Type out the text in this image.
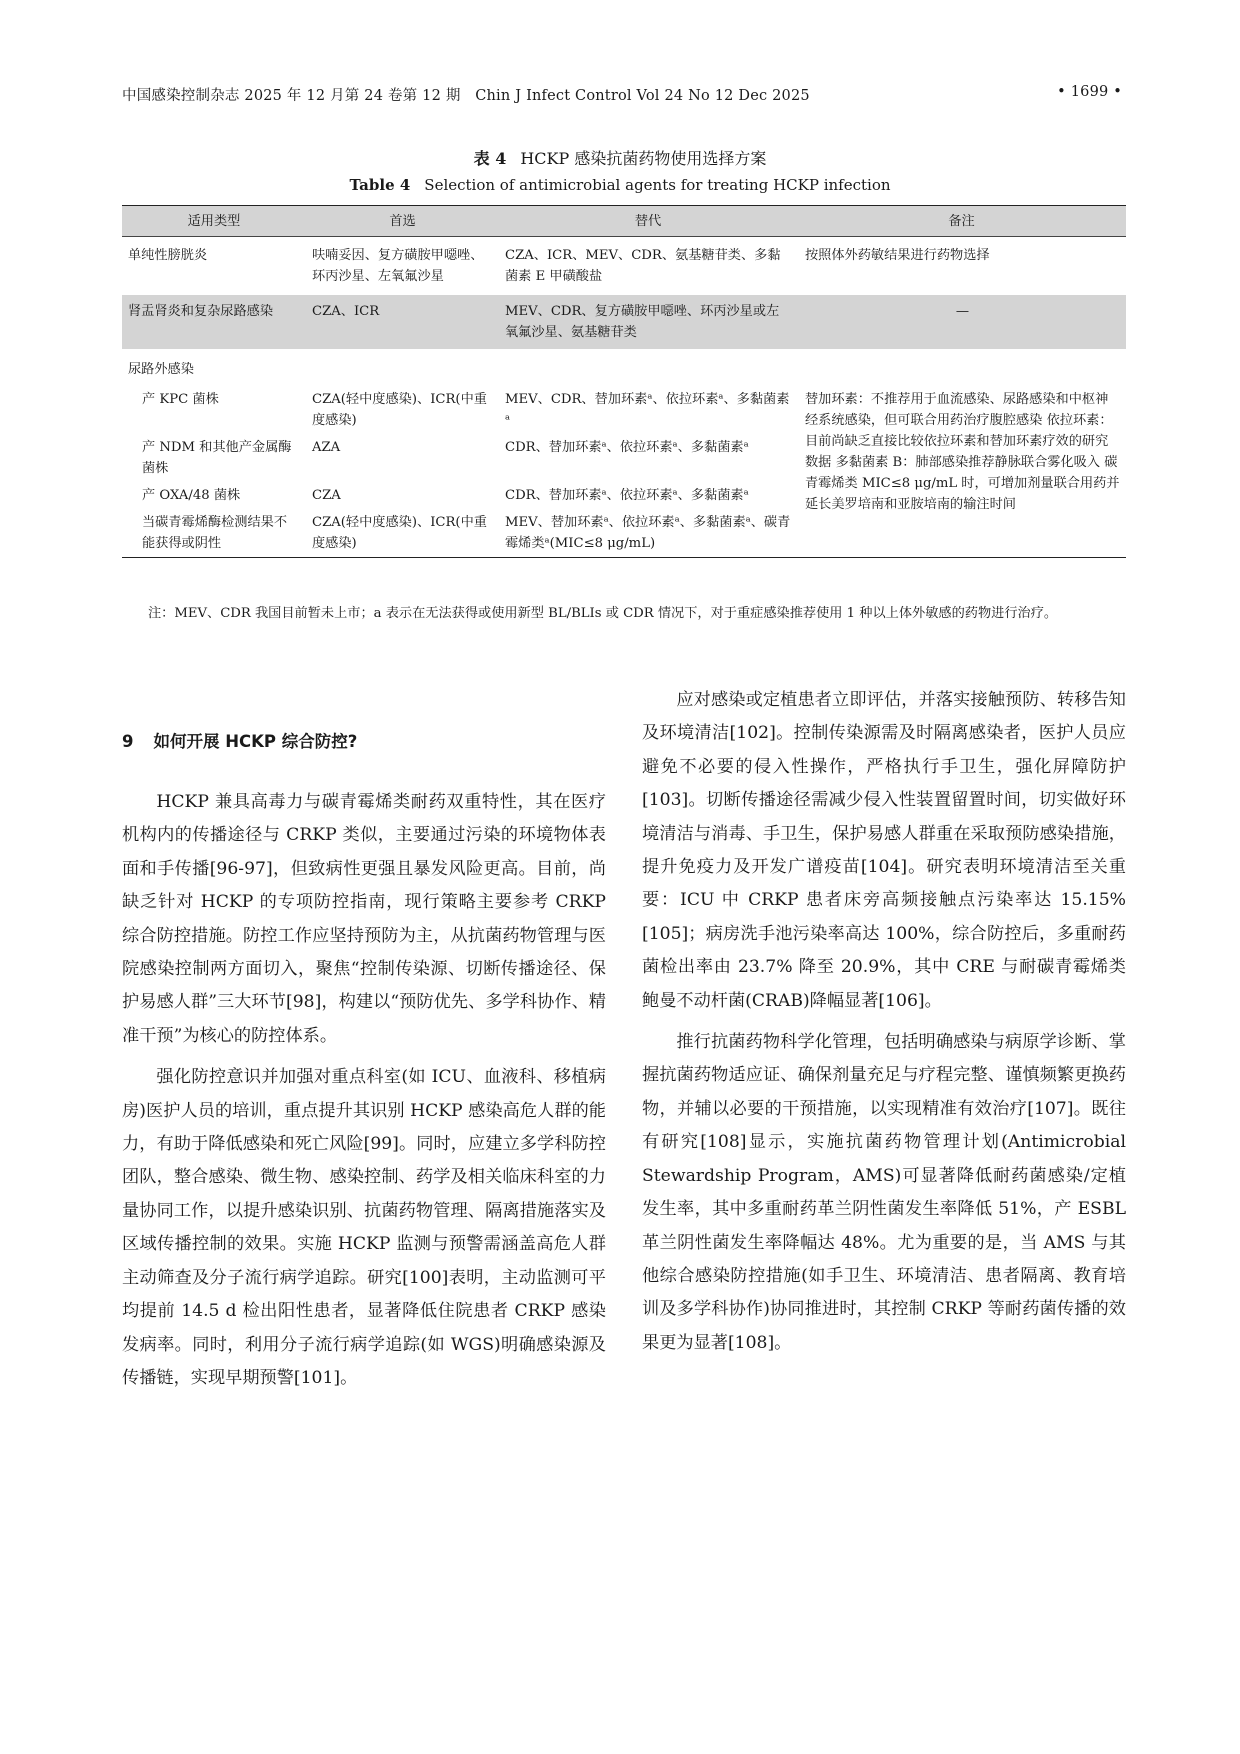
中国感染控制杂志 2025 年 12 月第 24 卷第 12 期　Chin J Infect Control Vol 24 No 12 Dec 2025	• 1699 •
表 4 HCKP 感染抗菌药物使用选择方案
Table 4 Selection of antimicrobial agents for treating HCKP infection
适用类型	首选	替代	备注
单纯性膀胱炎	呋喃妥因、复方磺胺甲噁唑、环丙沙星、左氧氟沙星	CZA、ICR、MEV、CDR、氨基糖苷类、多黏菌素 E 甲磺酸盐	按照体外药敏结果进行药物选择
肾盂肾炎和复杂尿路感染	CZA、ICR	MEV、CDR、复方磺胺甲噁唑、环丙沙星或左氧氟沙星、氨基糖苷类	—
尿路外感染			
产 KPC 菌株	CZA(轻中度感染)、ICR(中重度感染)	MEV、CDR、替加环素ᵃ、依拉环素ᵃ、多黏菌素ᵃ	替加环素：不推荐用于血流感染、尿路感染和中枢神经系统感染，但可联合用药治疗腹腔感染 依拉环素：目前尚缺乏直接比较依拉环素和替加环素疗效的研究数据 多黏菌素 B：肺部感染推荐静脉联合雾化吸入 碳青霉烯类 MIC≤8 μg/mL 时，可增加剂量联合用药并延长美罗培南和亚胺培南的输注时间
产 NDM 和其他产金属酶菌株	AZA	CDR、替加环素ᵃ、依拉环素ᵃ、多黏菌素ᵃ	
产 OXA/48 菌株	CZA	CDR、替加环素ᵃ、依拉环素ᵃ、多黏菌素ᵃ	
当碳青霉烯酶检测结果不能获得或阴性	CZA(轻中度感染)、ICR(中重度感染)	MEV、替加环素ᵃ、依拉环素ᵃ、多黏菌素ᵃ、碳青霉烯类ᵃ(MIC≤8 μg/mL)	
注：MEV、CDR 我国目前暂未上市；a 表示在无法获得或使用新型 BL/BLIs 或 CDR 情况下，对于重症感染推荐使用 1 种以上体外敏感的药物进行治疗。
9 如何开展 HCKP 综合防控?

HCKP 兼具高毒力与碳青霉烯类耐药双重特性，其在医疗机构内的传播途径与 CRKP 类似，主要通过污染的环境物体表面和手传播[96-97]，但致病性更强且暴发风险更高。目前，尚缺乏针对 HCKP 的专项防控指南，现行策略主要参考 CRKP 综合防控措施。防控工作应坚持预防为主，从抗菌药物管理与医院感染控制两方面切入，聚焦“控制传染源、切断传播途径、保护易感人群”三大环节[98]，构建以“预防优先、多学科协作、精准干预”为核心的防控体系。

强化防控意识并加强对重点科室(如 ICU、血液科、移植病房)医护人员的培训，重点提升其识别 HCKP 感染高危人群的能力，有助于降低感染和死亡风险[99]。同时，应建立多学科防控团队，整合感染、微生物、感染控制、药学及相关临床科室的力量协同工作，以提升感染识别、抗菌药物管理、隔离措施落实及区域传播控制的效果。实施 HCKP 监测与预警需涵盖高危人群主动筛查及分子流行病学追踪。研究[100]表明，主动监测可平均提前 14.5 d 检出阳性患者，显著降低住院患者 CRKP 感染发病率。同时，利用分子流行病学追踪(如 WGS)明确感染源及传播链，实现早期预警[101]。

应对感染或定植患者立即评估，并落实接触预防、转移告知及环境清洁[102]。控制传染源需及时隔离感染者，医护人员应避免不必要的侵入性操作，严格执行手卫生，强化屏障防护[103]。切断传播途径需减少侵入性装置留置时间，切实做好环境清洁与消毒、手卫生，保护易感人群重在采取预防感染措施，提升免疫力及开发广谱疫苗[104]。研究表明环境清洁至关重要：ICU 中 CRKP 患者床旁高频接触点污染率达 15.15%[105]；病房洗手池污染率高达 100%，综合防控后，多重耐药菌检出率由 23.7% 降至 20.9%，其中 CRE 与耐碳青霉烯类鲍曼不动杆菌(CRAB)降幅显著[106]。

推行抗菌药物科学化管理，包括明确感染与病原学诊断、掌握抗菌药物适应证、确保剂量充足与疗程完整、谨慎频繁更换药物，并辅以必要的干预措施，以实现精准有效治疗[107]。既往有研究[108]显示，实施抗菌药物管理计划(Antimicrobial Stewardship Program，AMS)可显著降低耐药菌感染/定植发生率，其中多重耐药革兰阴性菌发生率降低 51%，产 ESBL 革兰阴性菌发生率降幅达 48%。尤为重要的是，当 AMS 与其他综合感染防控措施(如手卫生、环境清洁、患者隔离、教育培训及多学科协作)协同推进时，其控制 CRKP 等耐药菌传播的效果更为显著[108]。
